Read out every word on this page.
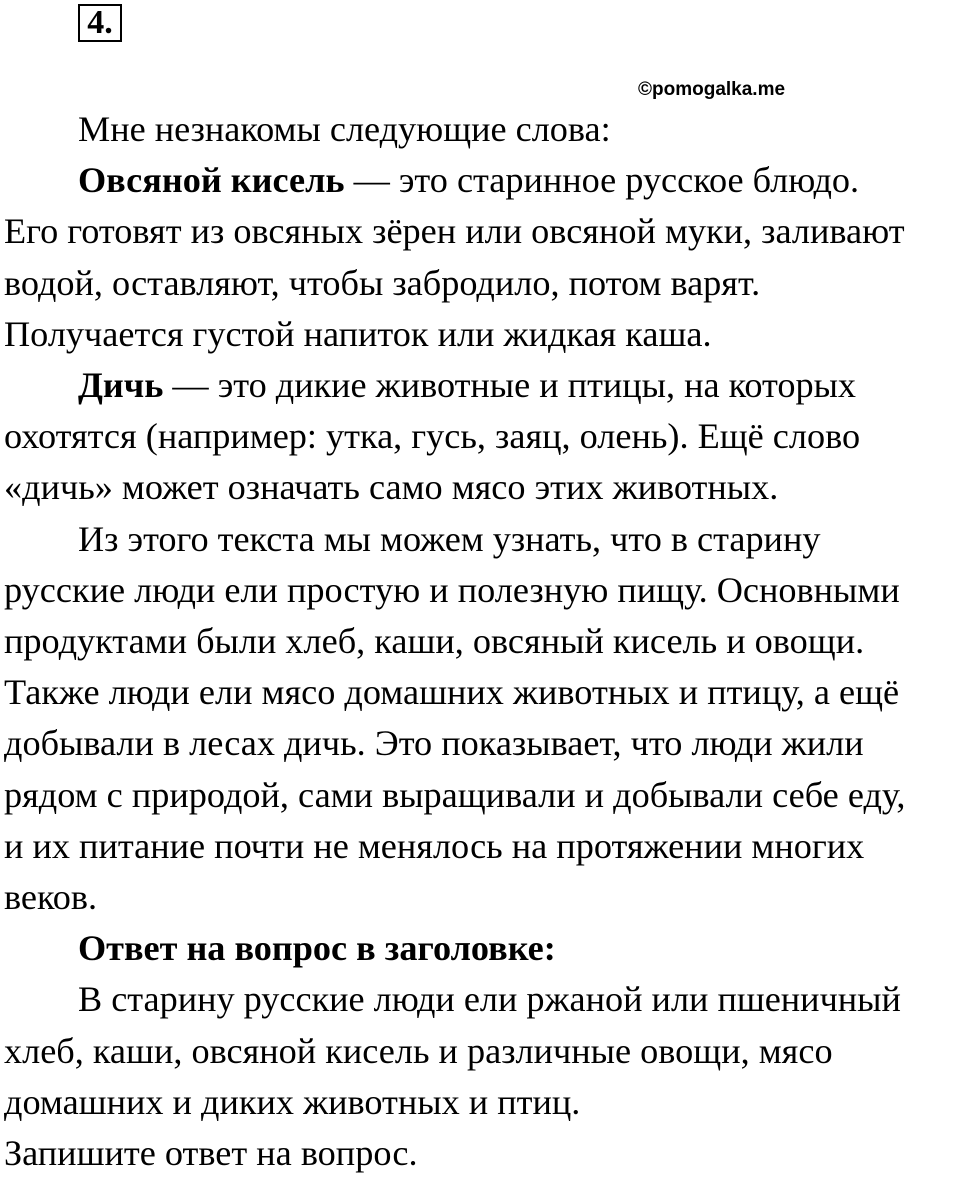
4.
©pomogalka.me

Мне незнакомы следующие слова:

Овсяной кисель — это старинное русское блюдо.

Его готовят из овсяных зёрен или овсяной муки, заливают

водой, оставляют, чтобы забродило, потом варят.

Получается густой напиток или жидкая каша.

Дичь — это дикие животные и птицы, на которых

охотятся (например: утка, гусь, заяц, олень). Ещё слово

«дичь» может означать само мясо этих животных.

Из этого текста мы можем узнать, что в старину

русские люди ели простую и полезную пищу. Основными

продуктами были хлеб, каши, овсяный кисель и овощи.

Также люди ели мясо домашних животных и птицу, а ещё

добывали в лесах дичь. Это показывает, что люди жили

рядом с природой, сами выращивали и добывали себе еду,

и их питание почти не менялось на протяжении многих

веков.

Ответ на вопрос в заголовке:

В старину русские люди ели ржаной или пшеничный

хлеб, каши, овсяной кисель и различные овощи, мясо

домашних и диких животных и птиц.

Запишите ответ на вопрос.
